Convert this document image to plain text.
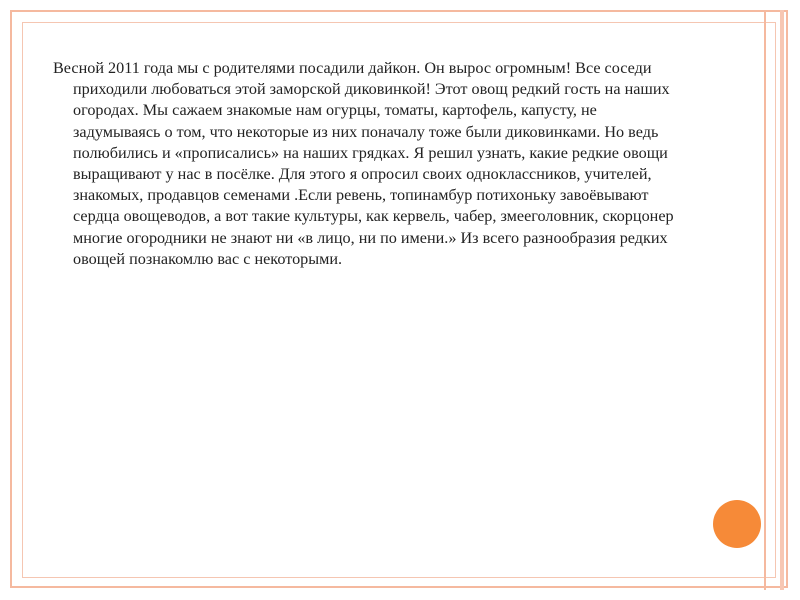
Весной 2011 года мы с родителями посадили дайкон. Он вырос огромным! Все соседи
приходили любоваться этой заморской диковинкой! Этот овощ редкий гость на наших
огородах. Мы сажаем знакомые нам огурцы, томаты, картофель, капусту, не
задумываясь о том, что некоторые из них поначалу тоже были диковинками. Но ведь
полюбились и «прописались» на наших грядках. Я решил узнать, какие редкие овощи
выращивают у нас в посёлке. Для этого я опросил своих одноклассников, учителей,
знакомых, продавцов семенами .Если ревень, топинамбур потихоньку завоёвывают
сердца овощеводов, а вот такие культуры, как кервель, чабер, змееголовник, скорцонер
многие огородники не знают ни «в лицо, ни по имени.» Из всего разнообразия редких
овощей познакомлю вас с некоторыми.
